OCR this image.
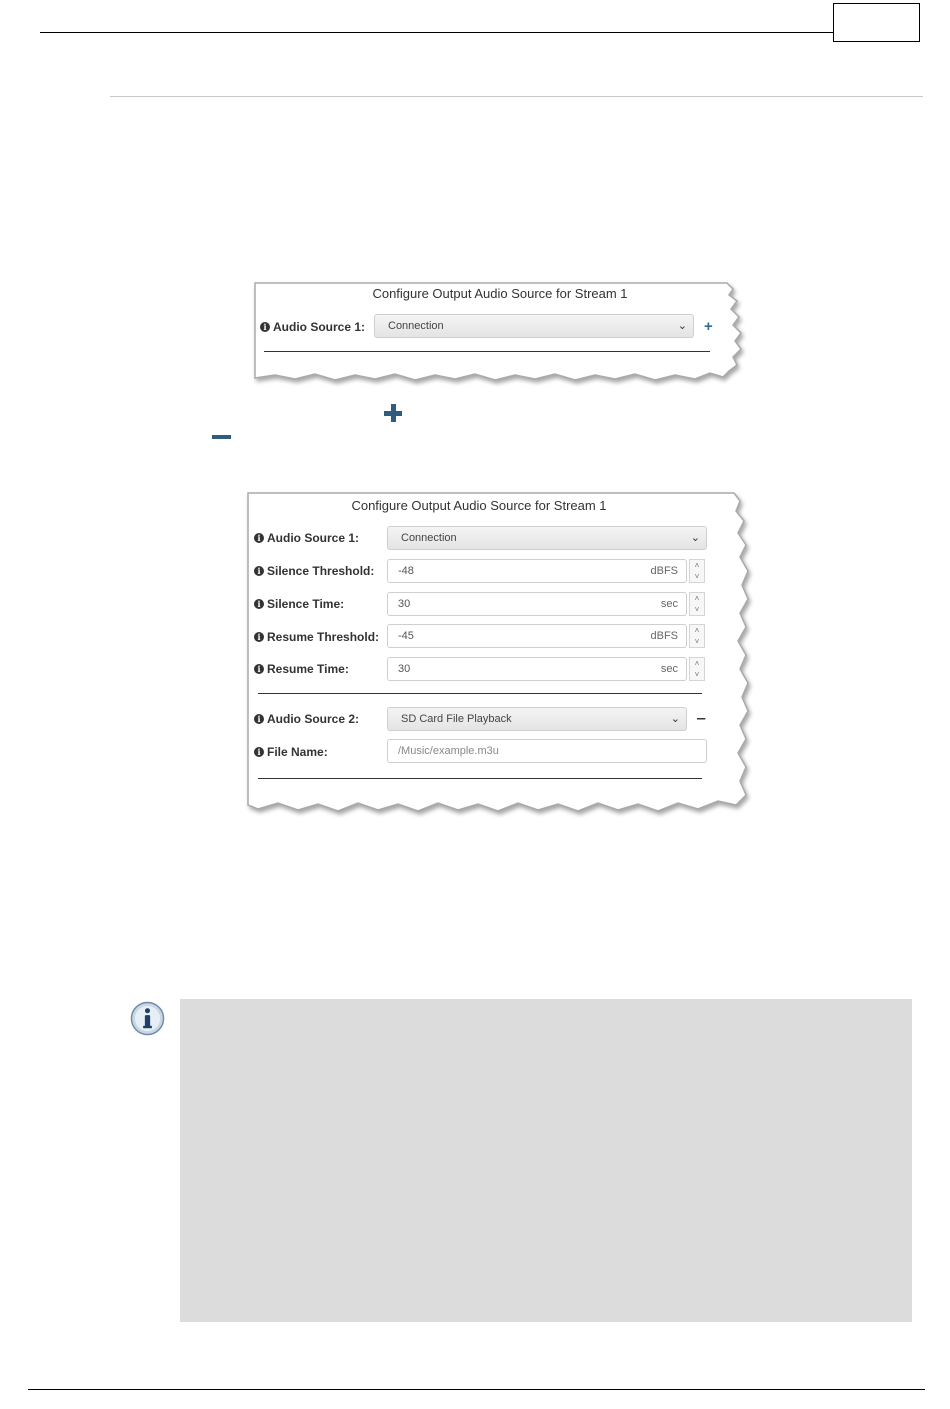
Configure Output Audio Source for Stream 1
i Audio Source 1:	Connection	⌄ +
Configure Output Audio Source for Stream 1
i Audio Source 1:	Connection	⌄
i Silence Threshold:	-48	dBFS	˄
˅
i Silence Time:	30	sec	˄
˅
i Resume Threshold:	-45	dBFS	˄
˅
i Resume Time:	30	sec	˄
˅
i Audio Source 2:	SD Card File Playback	⌄ ‒
i File Name:	/Music/example.m3u
